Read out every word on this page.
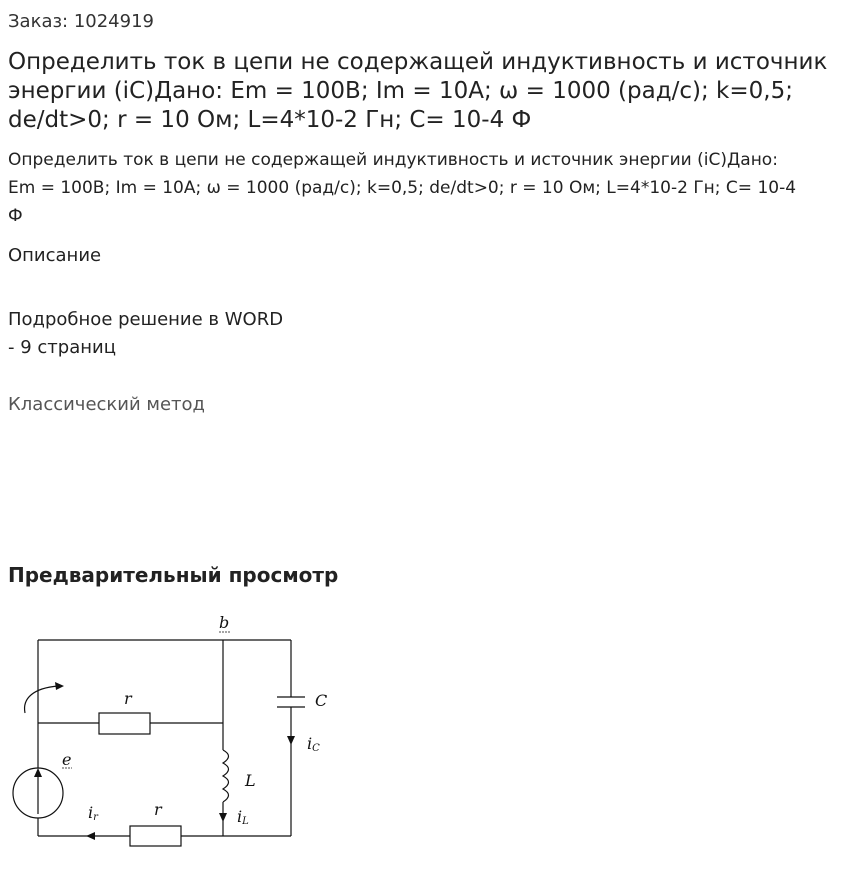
Заказ: 1024919
Определить ток в цепи не содержащей индуктивность и источник энергии (iC)Дано: Em = 100В; Im = 10A; ω = 1000 (рад/с); k=0,5; de/dt>0; r = 10 Ом; L=4*10-2 Гн; С= 10-4 Ф
Определить ток в цепи не содержащей индуктивность и источник энергии (iC)Дано: Em = 100В; Im = 10A; ω = 1000 (рад/с); k=0,5; de/dt>0; r = 10 Ом; L=4*10-2 Гн; С= 10-4 Ф
Описание
Подробное решение в WORD
- 9 страниц
Классический метод
Предварительный просмотр
b
r	C
iC
e
L
iL
ir	r
